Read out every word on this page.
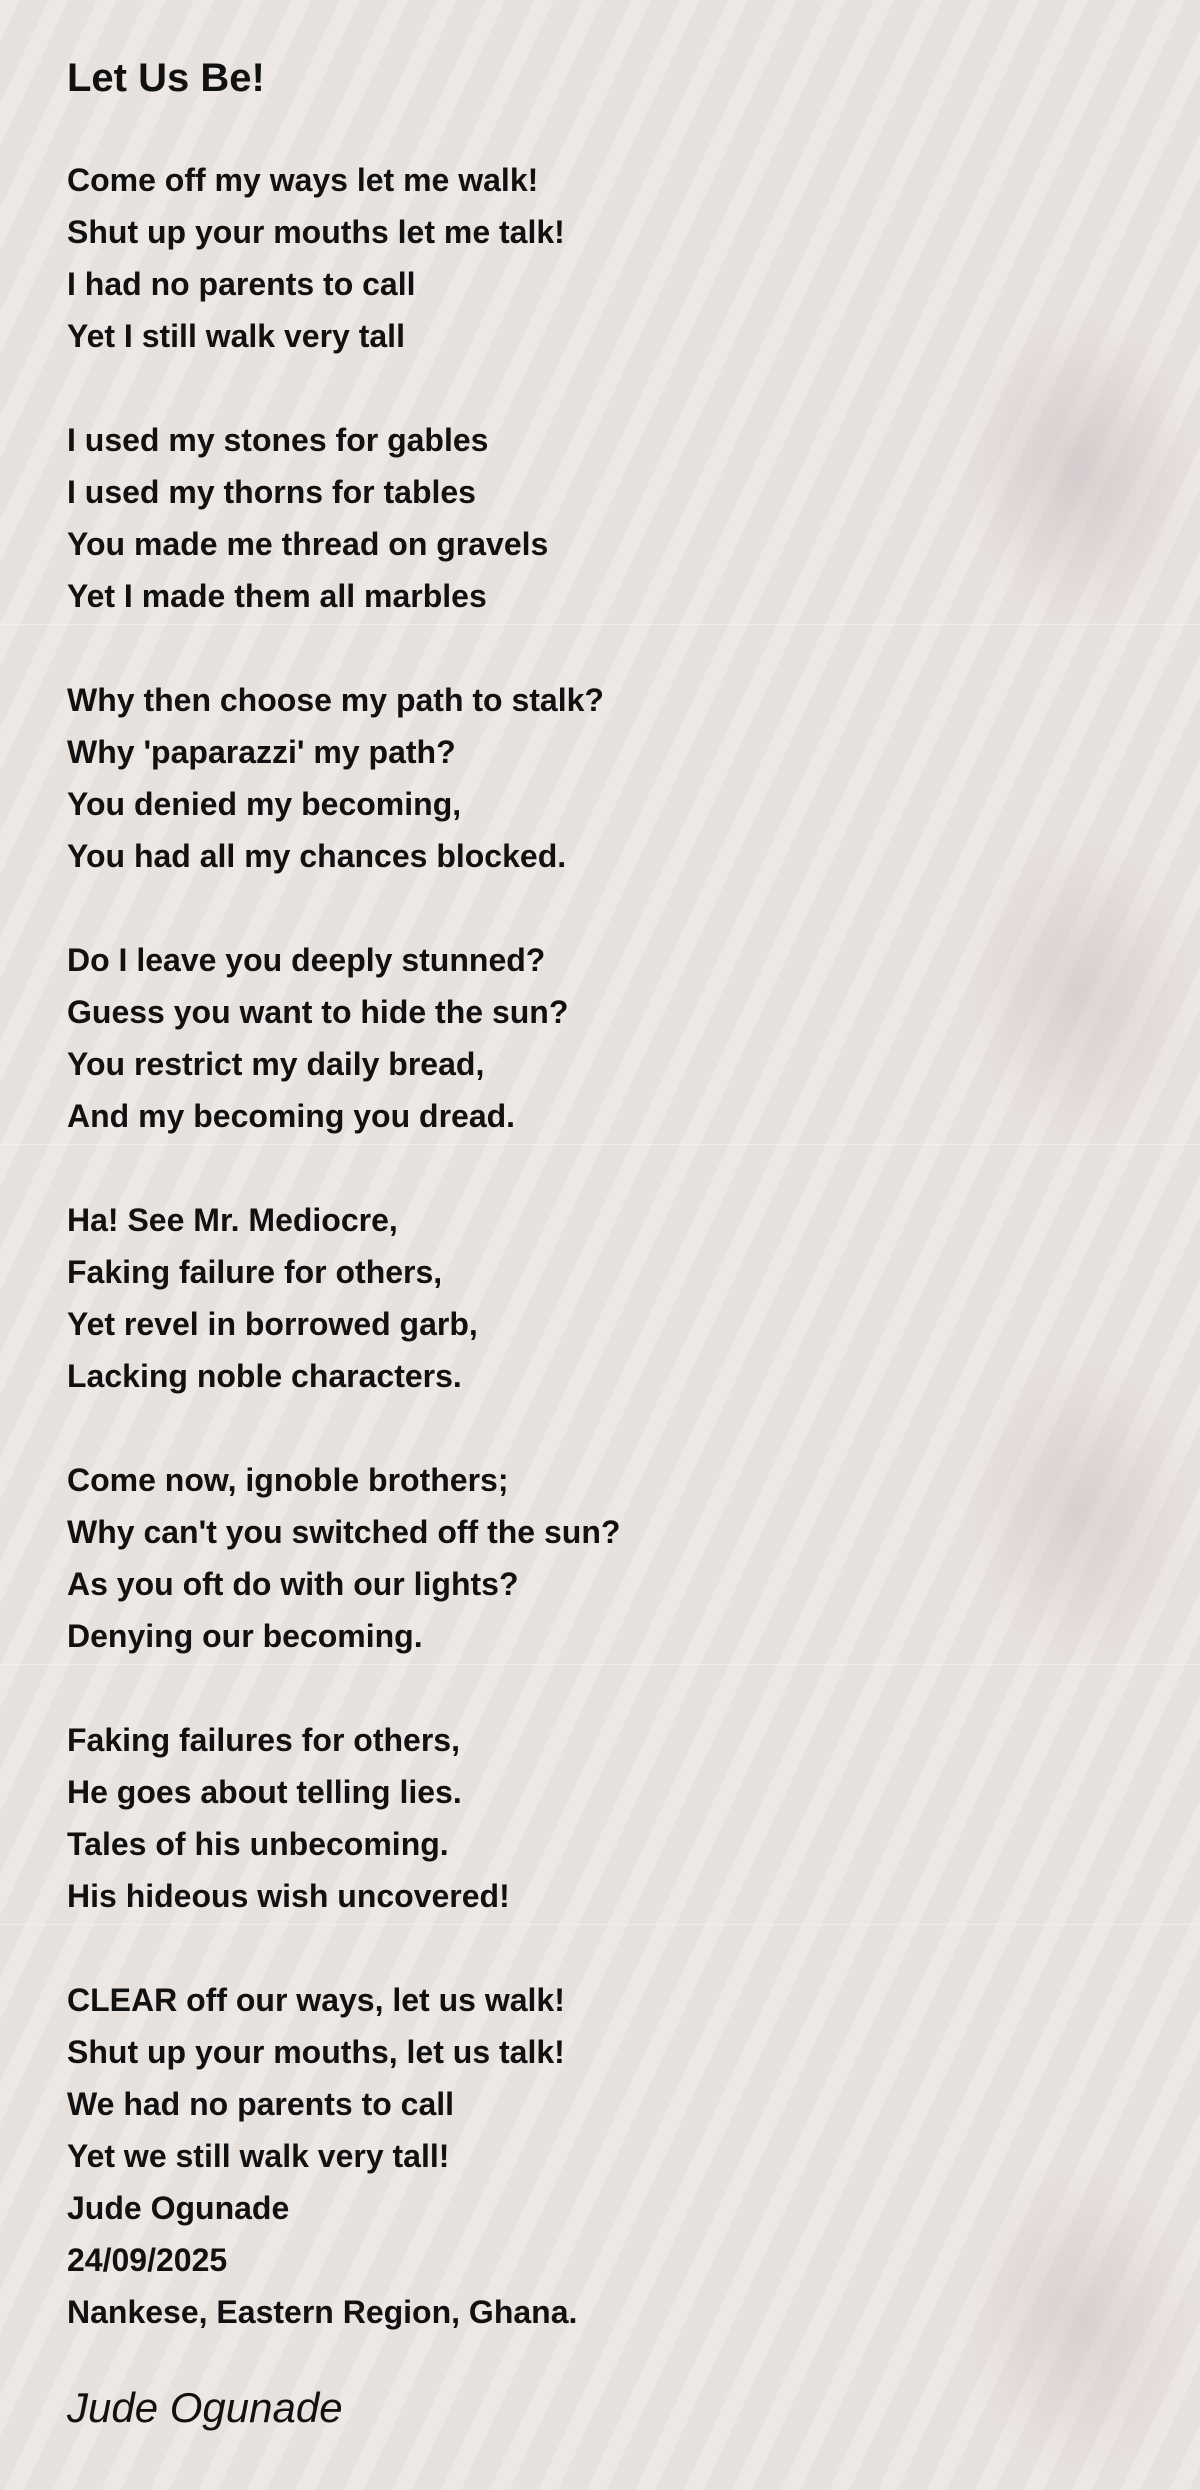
Let Us Be!
Come off my ways let me walk!
Shut up your mouths let me talk!
I had no parents to call
Yet I still walk very tall
I used my stones for gables
I used my thorns for tables
You made me thread on gravels
Yet I made them all marbles
Why then choose my path to stalk?
Why 'paparazzi' my path?
You denied my becoming,
You had all my chances blocked.
Do I leave you deeply stunned?
Guess you want to hide the sun?
You restrict my daily bread,
And my becoming you dread.
Ha! See Mr. Mediocre,
Faking failure for others,
Yet revel in borrowed garb,
Lacking noble characters.
Come now, ignoble brothers;
Why can't you switched off the sun?
As you oft do with our lights?
Denying our becoming.
Faking failures for others,
He goes about telling lies.
Tales of his unbecoming.
His hideous wish uncovered!
CLEAR off our ways, let us walk!
Shut up your mouths, let us talk!
We had no parents to call
Yet we still walk very tall!
Jude Ogunade
24/09/2025
Nankese, Eastern Region, Ghana.
Jude Ogunade
